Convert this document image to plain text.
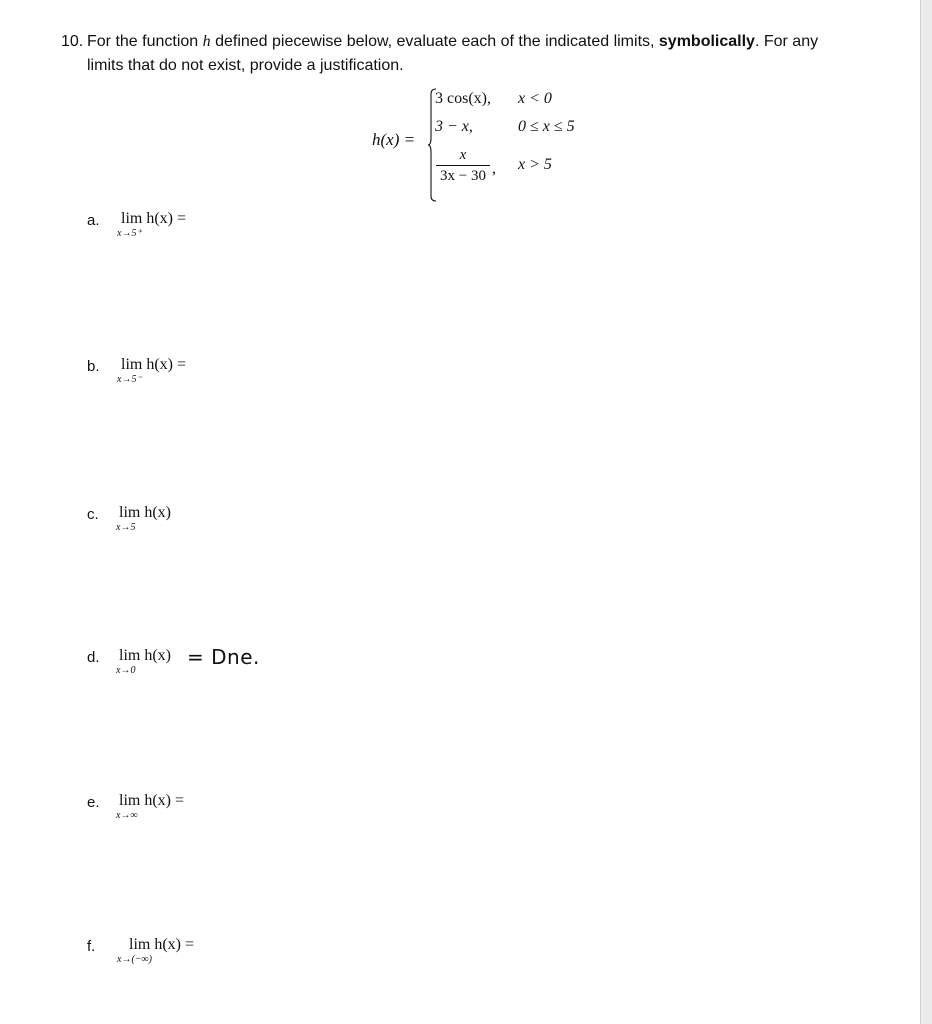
10. For the function h defined piecewise below, evaluate each of the indicated limits, symbolically. For any
limits that do not exist, provide a justification.
h(x) =
3 cos(x), x < 0
3 − x,	0 ≤ x ≤ 5
x
3x − 30 , x > 5
a. lim h(x) =
x→5⁺
b. lim h(x) =
x→5⁻
c. lim h(x)
x→5
d. lim h(x)
x→0
= Dne.
e. lim h(x) =
x→∞
f. lim h(x) =
x→(−∞)
